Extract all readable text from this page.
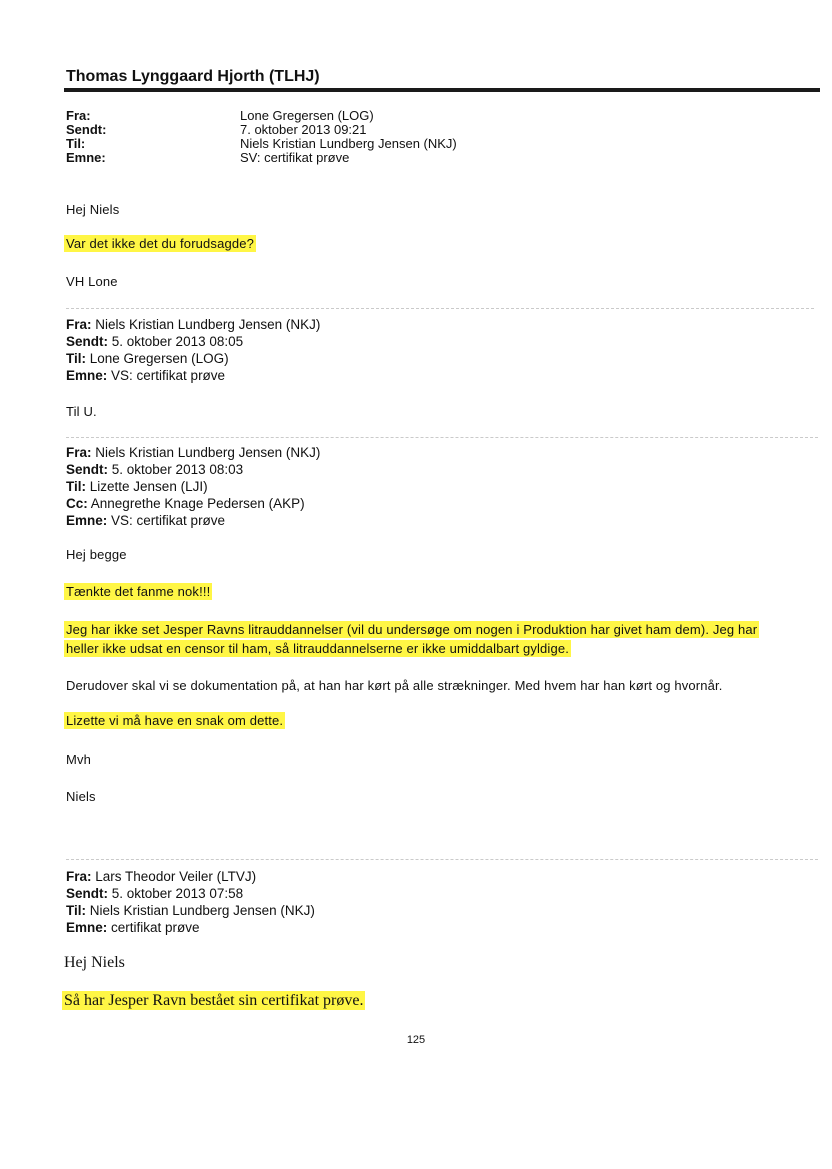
Thomas Lynggaard Hjorth (TLHJ)
Fra:
Sendt:
Til:
Emne:
Lone Gregersen (LOG)
7. oktober 2013 09:21
Niels Kristian Lundberg Jensen (NKJ)
SV: certifikat prøve
Hej Niels
Var det ikke det du forudsagde?
VH Lone
Fra: Niels Kristian Lundberg Jensen (NKJ)
Sendt: 5. oktober 2013 08:05
Til: Lone Gregersen (LOG)
Emne: VS: certifikat prøve
Til U.
Fra: Niels Kristian Lundberg Jensen (NKJ)
Sendt: 5. oktober 2013 08:03
Til: Lizette Jensen (LJI)
Cc: Annegrethe Knage Pedersen (AKP)
Emne: VS: certifikat prøve
Hej begge
Tænkte det fanme nok!!!
Jeg har ikke set Jesper Ravns litrauddannelser (vil du undersøge om nogen i Produktion har givet ham dem). Jeg har
heller ikke udsat en censor til ham, så litrauddannelserne er ikke umiddalbart gyldige.
Derudover skal vi se dokumentation på, at han har kørt på alle strækninger. Med hvem har han kørt og hvornår.
Lizette vi må have en snak om dette.
Mvh
Niels
Fra: Lars Theodor Veiler (LTVJ)
Sendt: 5. oktober 2013 07:58
Til: Niels Kristian Lundberg Jensen (NKJ)
Emne: certifikat prøve
Hej Niels
Så har Jesper Ravn bestået sin certifikat prøve.
125
